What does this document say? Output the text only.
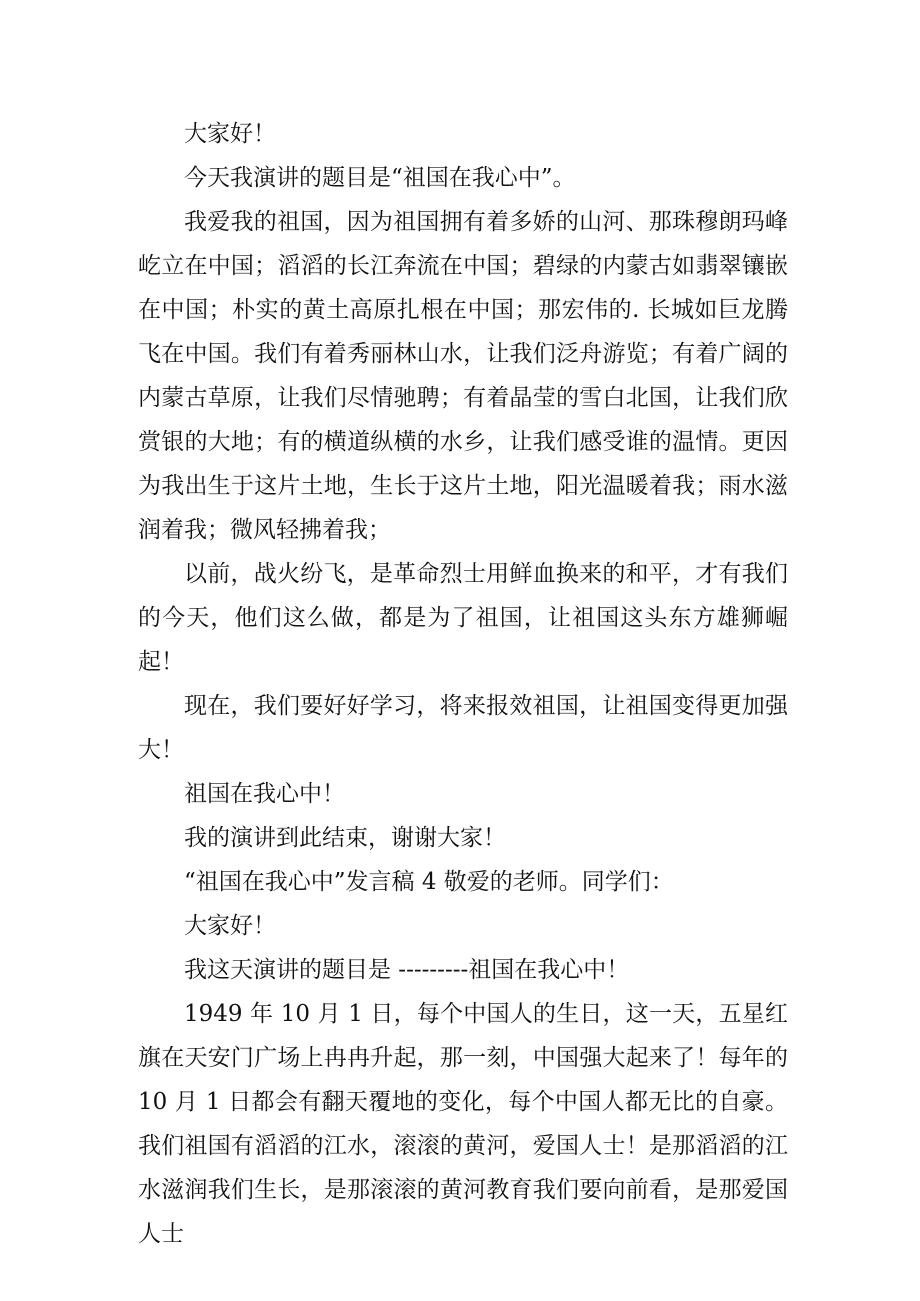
大家好！

今天我演讲的题目是“祖国在我心中”。

我爱我的祖国，因为祖国拥有着多娇的山河、那珠穆朗玛峰屹立在中国；滔滔的长江奔流在中国；碧绿的内蒙古如翡翠镶嵌在中国；朴实的黄土高原扎根在中国；那宏伟的. 长城如巨龙腾飞在中国。我们有着秀丽林山水，让我们泛舟游览；有着广阔的内蒙古草原，让我们尽情驰聘；有着晶莹的雪白北国，让我们欣赏银的大地；有的横道纵横的水乡，让我们感受谁的温情。更因为我出生于这片土地，生长于这片土地，阳光温暖着我；雨水滋润着我；微风轻拂着我；

以前，战火纷飞，是革命烈士用鲜血换来的和平，才有我们的今天，他们这么做，都是为了祖国，让祖国这头东方雄狮崛起！

现在，我们要好好学习，将来报效祖国，让祖国变得更加强大！

祖国在我心中！

我的演讲到此结束，谢谢大家！

“祖国在我心中”发言稿 4 敬爱的老师。同学们：

大家好！

我这天演讲的题目是 ---------祖国在我心中！

1949 年 10 月 1 日，每个中国人的生日，这一天，五星红旗在天安门广场上冉冉升起，那一刻，中国强大起来了！每年的 10 月 1 日都会有翻天覆地的变化，每个中国人都无比的自豪。我们祖国有滔滔的江水，滚滚的黄河，爱国人士！是那滔滔的江水滋润我们生长，是那滚滚的黄河教育我们要向前看，是那爱国人士
